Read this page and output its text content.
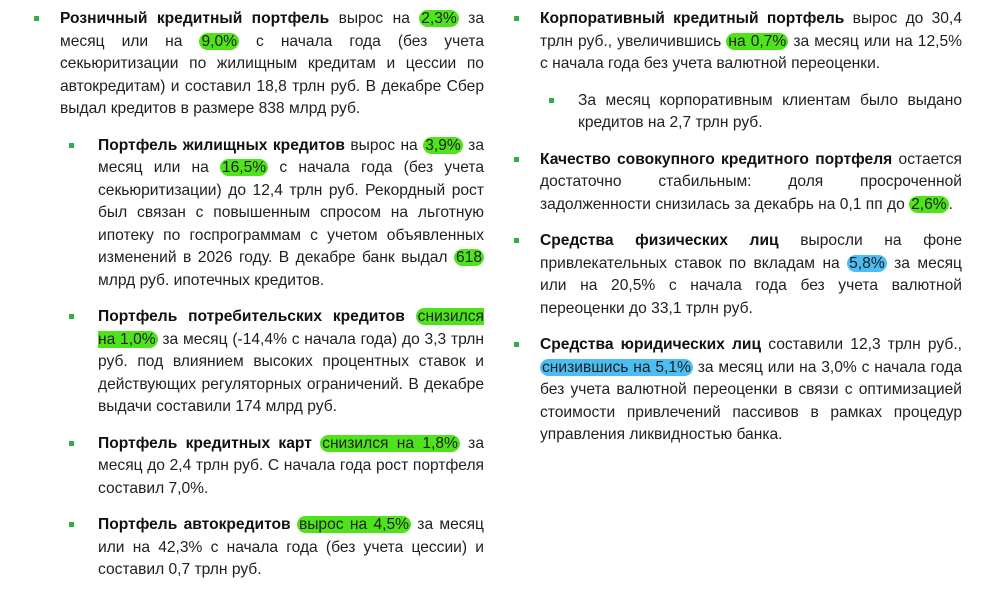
Розничный кредитный портфель вырос на 2,3% за месяц или на 9,0% с начала года (без учета секьюритизации по жилищным кредитам и цессии по автокредитам) и составил 18,8 трлн руб. В декабре Сбер выдал кредитов в размере 838 млрд руб.
Портфель жилищных кредитов вырос на 3,9% за месяц или на 16,5% с начала года (без учета секьюритизации) до 12,4 трлн руб. Рекордный рост был связан с повышенным спросом на льготную ипотеку по госпрограммам с учетом объявленных изменений в 2026 году. В декабре банк выдал 618 млрд руб. ипотечных кредитов.
Портфель потребительских кредитов снизился на 1,0% за месяц (-14,4% с начала года) до 3,3 трлн руб. под влиянием высоких процентных ставок и действующих регуляторных ограничений. В декабре выдачи составили 174 млрд руб.
Портфель кредитных карт снизился на 1,8% за месяц до 2,4 трлн руб. С начала года рост портфеля составил 7,0%.
Портфель автокредитов вырос на 4,5% за месяц или на 42,3% с начала года (без учета цессии) и составил 0,7 трлн руб.
Корпоративный кредитный портфель вырос до 30,4 трлн руб., увеличившись на 0,7% за месяц или на 12,5% с начала года без учета валютной переоценки.
За месяц корпоративным клиентам было выдано кредитов на 2,7 трлн руб.
Качество совокупного кредитного портфеля остается достаточно стабильным: доля просроченной задолженности снизилась за декабрь на 0,1 пп до 2,6% .
Средства физических лиц выросли на фоне привлекательных ставок по вкладам на 5,8% за месяц или на 20,5% с начала года без учета валютной переоценки до 33,1 трлн руб.
Средства юридических лиц составили 12,3 трлн руб., снизившись на 5,1% за месяц или на 3,0% с начала года без учета валютной переоценки в связи с оптимизацией стоимости привлечений пассивов в рамках процедур управления ликвидностью банка.
